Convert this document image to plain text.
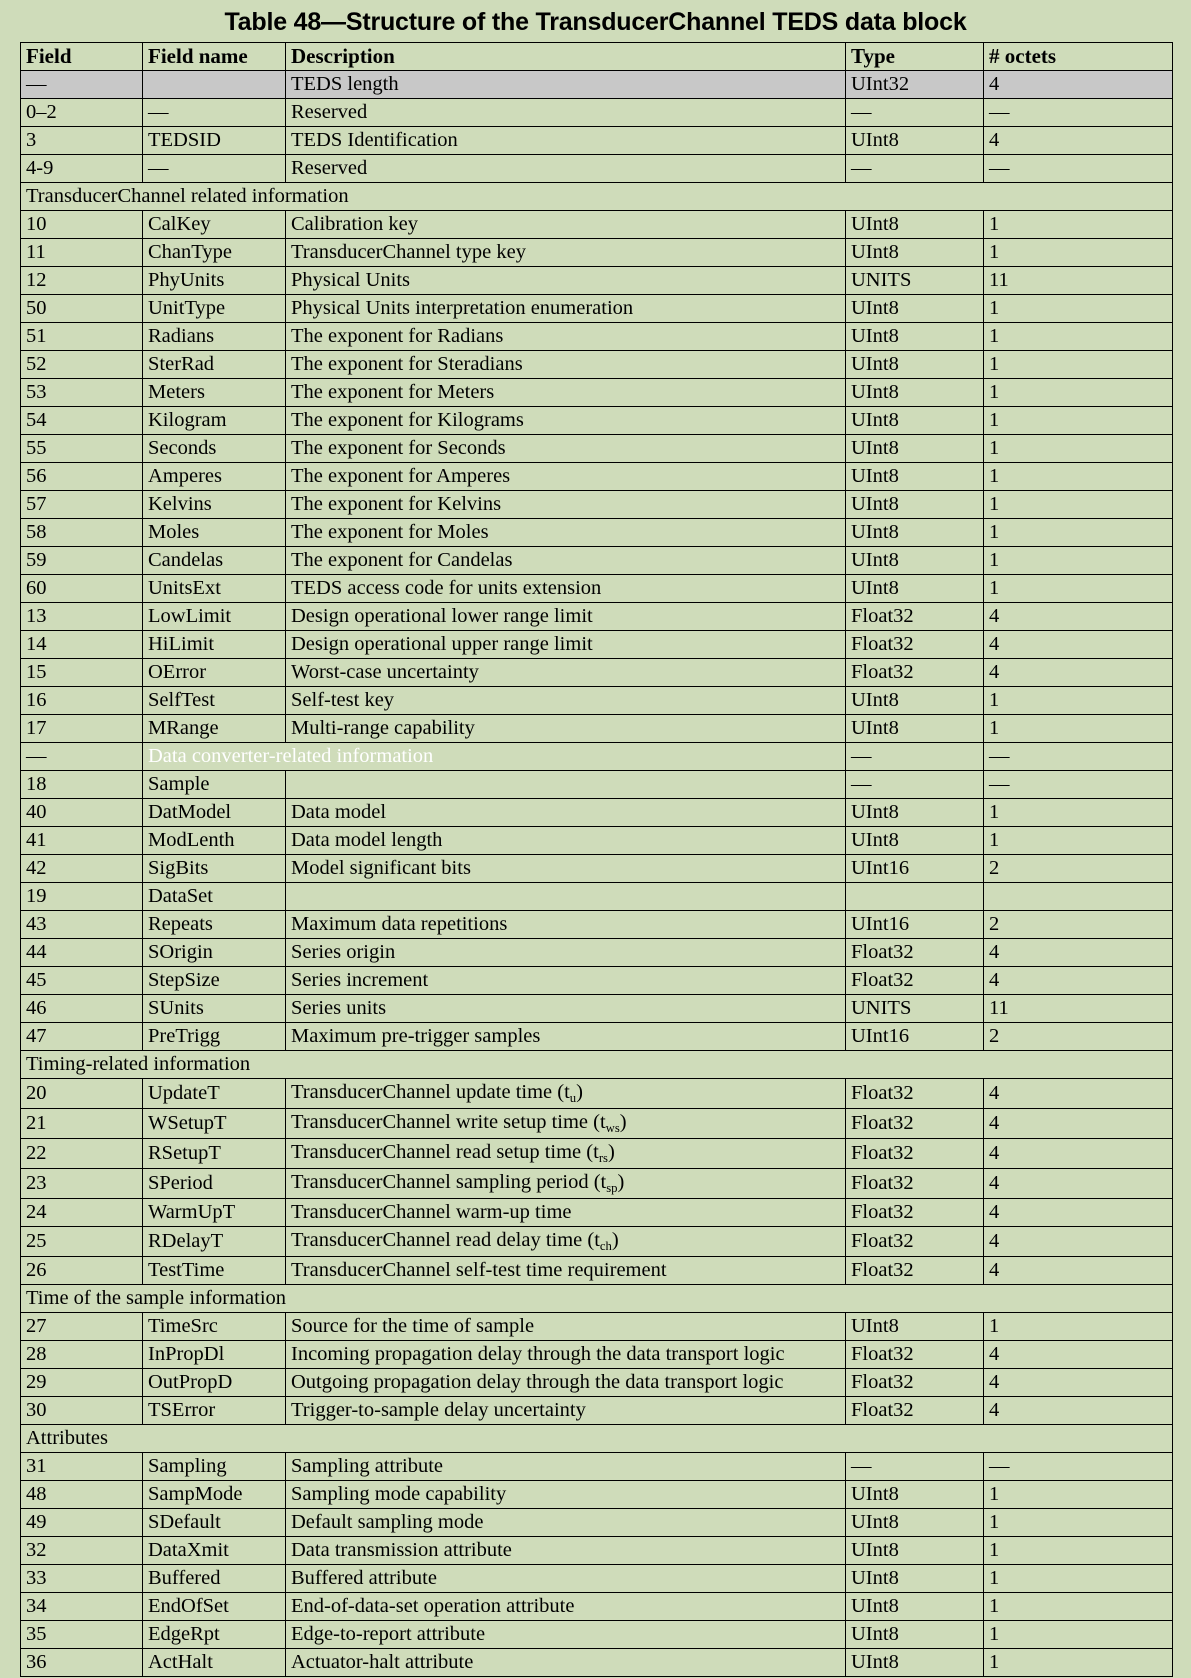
Table 48—Structure of the TransducerChannel TEDS data block
Field	Field name	Description	Type	# octets
—		TEDS length	UInt32	4
0–2	—	Reserved	—	—
3	TEDSID	TEDS Identification	UInt8	4
4-9	—	Reserved	—	—
TransducerChannel related information				
10	CalKey	Calibration key	UInt8	1
11	ChanType	TransducerChannel type key	UInt8	1
12	PhyUnits	Physical Units	UNITS	11
50	UnitType	Physical Units interpretation enumeration	UInt8	1
51	Radians	The exponent for Radians	UInt8	1
52	SterRad	The exponent for Steradians	UInt8	1
53	Meters	The exponent for Meters	UInt8	1
54	Kilogram	The exponent for Kilograms	UInt8	1
55	Seconds	The exponent for Seconds	UInt8	1
56	Amperes	The exponent for Amperes	UInt8	1
57	Kelvins	The exponent for Kelvins	UInt8	1
58	Moles	The exponent for Moles	UInt8	1
59	Candelas	The exponent for Candelas	UInt8	1
60	UnitsExt	TEDS access code for units extension	UInt8	1
13	LowLimit	Design operational lower range limit	Float32	4
14	HiLimit	Design operational upper range limit	Float32	4
15	OError	Worst-case uncertainty	Float32	4
16	SelfTest	Self-test key	UInt8	1
17	MRange	Multi-range capability	UInt8	1
—	Data converter-related information		—	—
18	Sample		—	—
40	DatModel	Data model	UInt8	1
41	ModLenth	Data model length	UInt8	1
42	SigBits	Model significant bits	UInt16	2
19	DataSet			
43	Repeats	Maximum data repetitions	UInt16	2
44	SOrigin	Series origin	Float32	4
45	StepSize	Series increment	Float32	4
46	SUnits	Series units	UNITS	11
47	PreTrigg	Maximum pre-trigger samples	UInt16	2
Timing-related information				
20	UpdateT	TransducerChannel update time $(t_u)$	Float32	4
21	WSetupT	TransducerChannel write setup time $(t_{ws})$	Float32	4
22	RSetupT	TransducerChannel read setup time $(t_{rs})$	Float32	4
23	SPeriod	TransducerChannel sampling period $(t_{sp})$	Float32	4
24	WarmUpT	TransducerChannel warm-up time	Float32	4
25	RDelayT	TransducerChannel read delay time $(t_{ch})$	Float32	4
26	TestTime	TransducerChannel self-test time requirement	Float32	4
Time of the sample information				
27	TimeSrc	Source for the time of sample	UInt8	1
28	InPropDl	Incoming propagation delay through the data transport logic	Float32	4
29	OutPropD	Outgoing propagation delay through the data transport logic	Float32	4
30	TSError	Trigger-to-sample delay uncertainty	Float32	4
Attributes				
31	Sampling	Sampling attribute	—	—
48	SampMode	Sampling mode capability	UInt8	1
49	SDefault	Default sampling mode	UInt8	1
32	DataXmit	Data transmission attribute	UInt8	1
33	Buffered	Buffered attribute	UInt8	1
34	EndOfSet	End-of-data-set operation attribute	UInt8	1
35	EdgeRpt	Edge-to-report attribute	UInt8	1
36	ActHalt	Actuator-halt attribute	UInt8	1
